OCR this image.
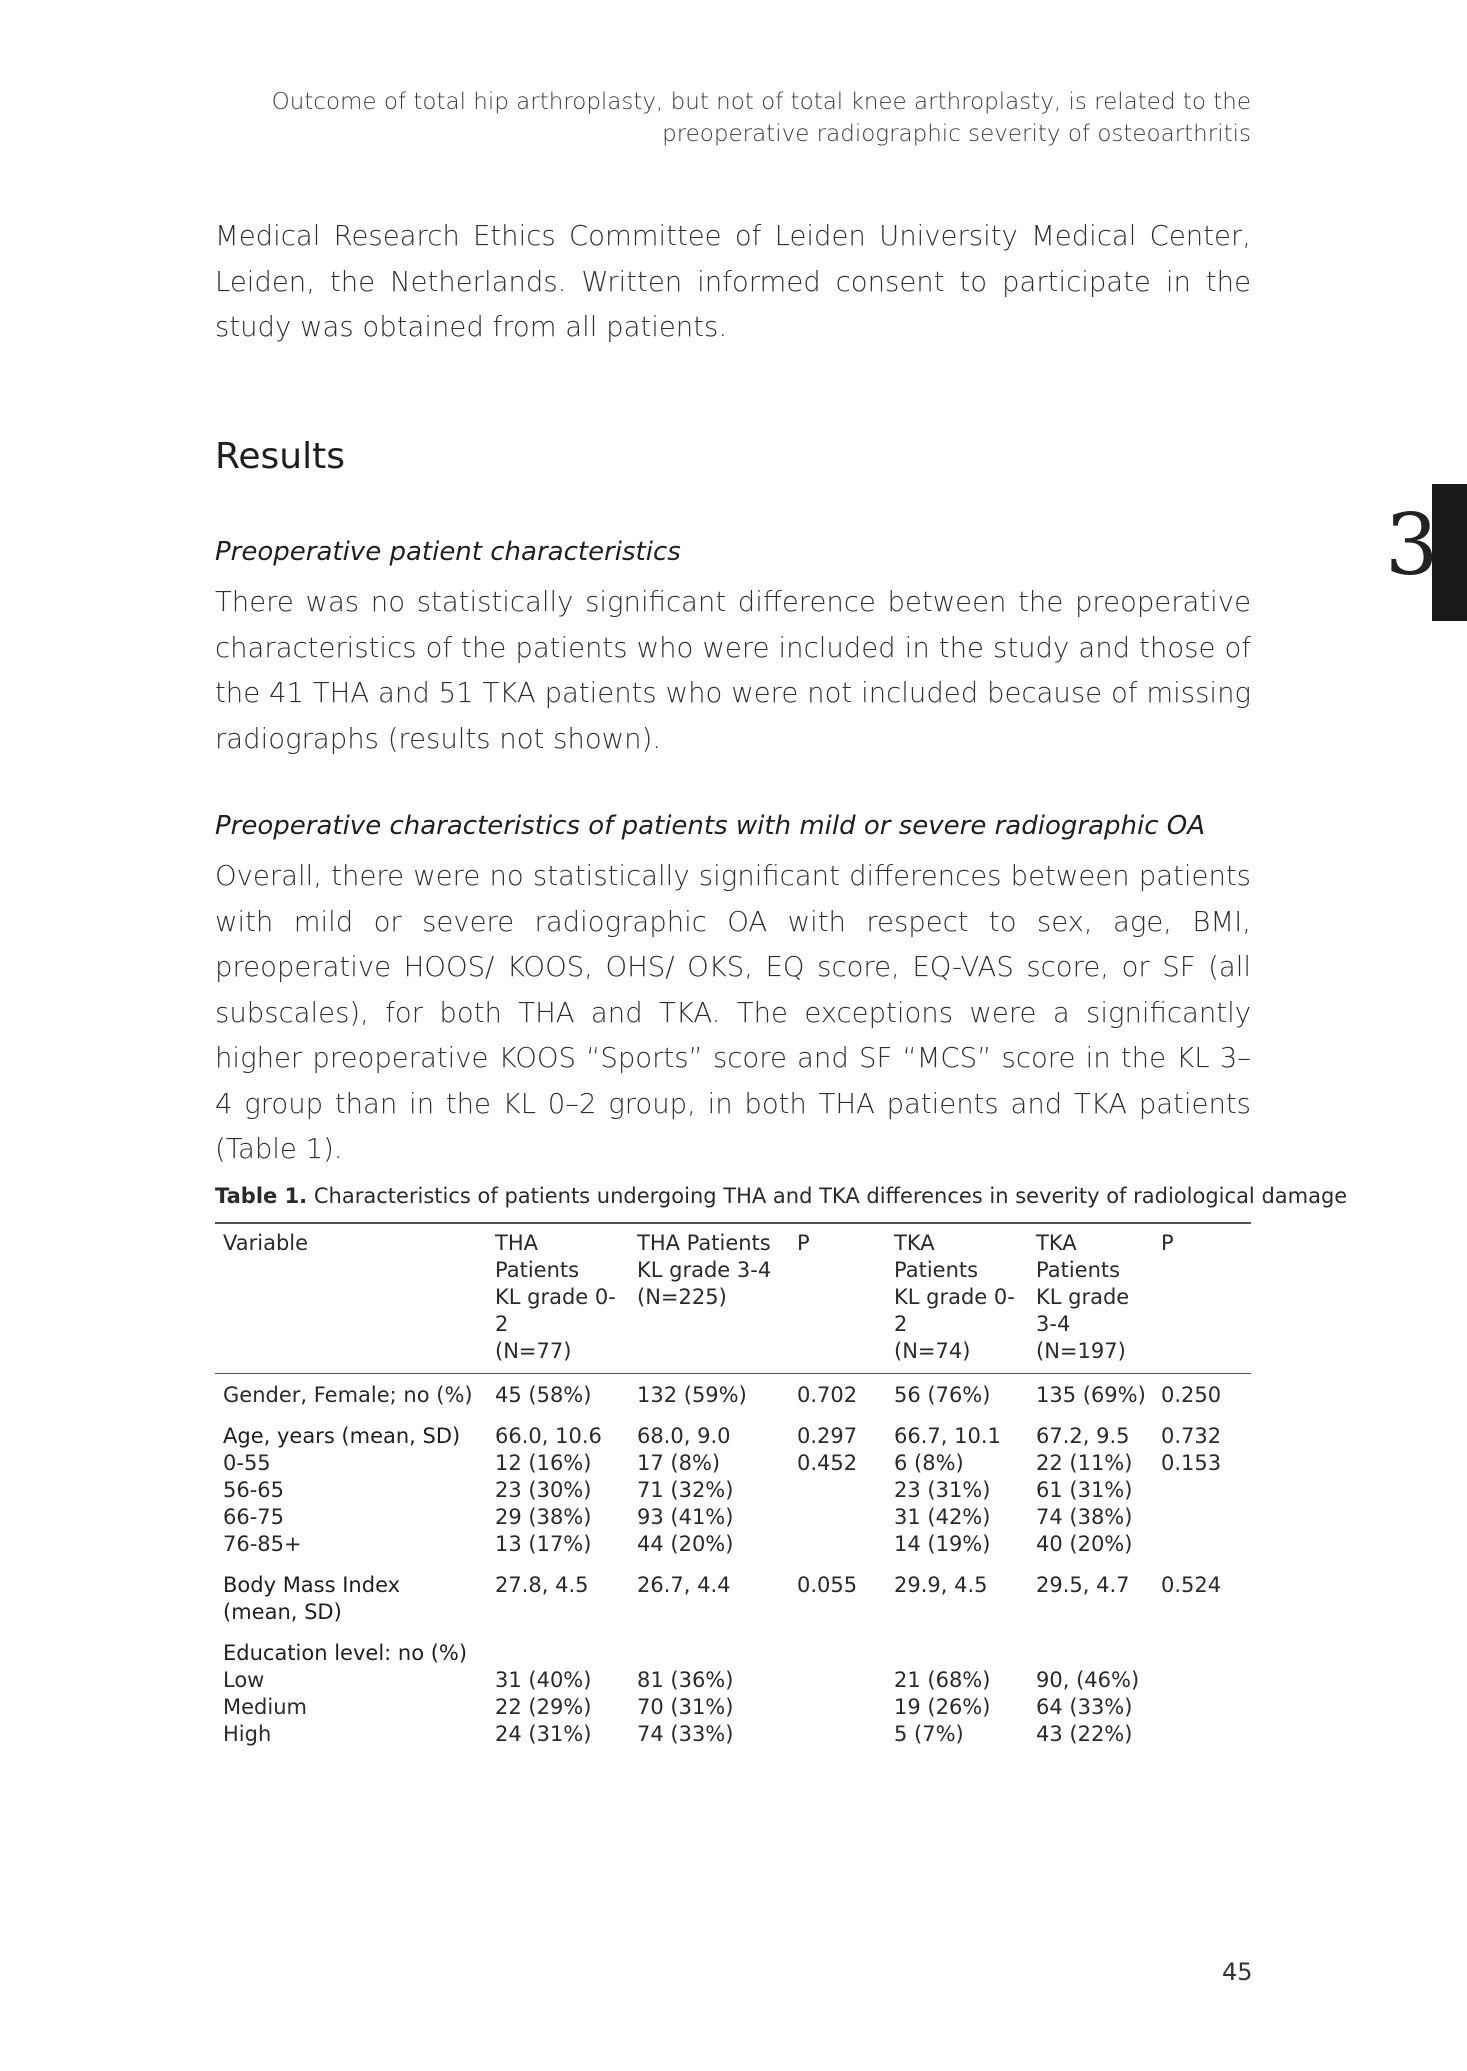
Outcome of total hip arthroplasty, but not of total knee arthroplasty, is related to the
preoperative radiographic severity of osteoarthritis
Medical Research Ethics Committee of Leiden University Medical Center, Leiden, the Netherlands. Written informed consent to participate in the study was obtained from all patients.
Results
Preoperative patient characteristics
There was no statistically significant difference between the preoperative characteristics of the patients who were included in the study and those of the 41 THA and 51 TKA patients who were not included because of missing radiographs (results not shown).
Preoperative characteristics of patients with mild or severe radiographic OA
Overall, there were no statistically significant differences between patients with mild or severe radiographic OA with respect to sex, age, BMI, preoperative HOOS/ KOOS, OHS/ OKS, EQ score, EQ-VAS score, or SF (all subscales), for both THA and TKA. The exceptions were a significantly higher preoperative KOOS “Sports” score and SF “MCS” score in the KL 3–4 group than in the KL 0–2 group, in both THA patients and TKA patients (Table 1).
3
Table 1. Characteristics of patients undergoing THA and TKA differences in severity of radiological damage
Variable	THA
Patients
KL grade 0-2
(N=77)	THA Patients
KL grade 3-4
(N=225)	P	TKA Patients
KL grade 0-2
(N=74)	TKA
Patients
KL grade
3-4
(N=197)	P
Gender, Female; no (%)	45 (58%)	132 (59%)	0.702	56 (76%)	135 (69%)	0.250
Age, years (mean, SD)	66.0, 10.6	68.0, 9.0	0.297	66.7, 10.1	67.2, 9.5	0.732
0-55	12 (16%)	17 (8%)	0.452	6 (8%)	22 (11%)	0.153
56-65	23 (30%)	71 (32%)		23 (31%)	61 (31%)	
66-75	29 (38%)	93 (41%)		31 (42%)	74 (38%)	
76-85+	13 (17%)	44 (20%)		14 (19%)	40 (20%)	

Body Mass Index
(mean, SD)	27.8, 4.5	26.7, 4.4	0.055	29.9, 4.5	29.5, 4.7	0.524
Education level: no (%)						
Low	31 (40%)	81 (36%)		21 (68%)	90, (46%)	
Medium	22 (29%)	70 (31%)		19 (26%)	64 (33%)	
High	24 (31%)	74 (33%)		5 (7%)	43 (22%)	
45
